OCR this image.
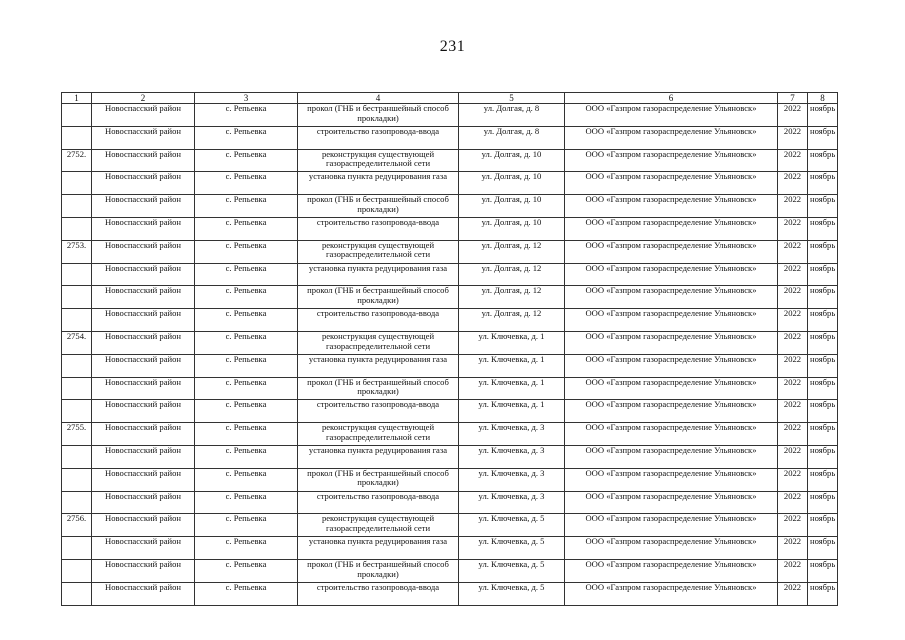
231
1	2	3	4	5	6	7	8
	Новоспасский район	с. Репьевка	прокол (ГНБ и бестраншейный способ прокладки)	ул. Долгая, д. 8	ООО «Газпром газораспределение Ульяновск»	2022	ноябрь
	Новоспасский район	с. Репьевка	строительство газопровода-ввода	ул. Долгая, д. 8	ООО «Газпром газораспределение Ульяновск»	2022	ноябрь
2752.	Новоспасский район	с. Репьевка	реконструкция существующей газораспределительной сети	ул. Долгая, д. 10	ООО «Газпром газораспределение Ульяновск»	2022	ноябрь
	Новоспасский район	с. Репьевка	установка пункта редуцирования газа	ул. Долгая, д. 10	ООО «Газпром газораспределение Ульяновск»	2022	ноябрь
	Новоспасский район	с. Репьевка	прокол (ГНБ и бестраншейный способ прокладки)	ул. Долгая, д. 10	ООО «Газпром газораспределение Ульяновск»	2022	ноябрь
	Новоспасский район	с. Репьевка	строительство газопровода-ввода	ул. Долгая, д. 10	ООО «Газпром газораспределение Ульяновск»	2022	ноябрь
2753.	Новоспасский район	с. Репьевка	реконструкция существующей газораспределительной сети	ул. Долгая, д. 12	ООО «Газпром газораспределение Ульяновск»	2022	ноябрь
	Новоспасский район	с. Репьевка	установка пункта редуцирования газа	ул. Долгая, д. 12	ООО «Газпром газораспределение Ульяновск»	2022	ноябрь
	Новоспасский район	с. Репьевка	прокол (ГНБ и бестраншейный способ прокладки)	ул. Долгая, д. 12	ООО «Газпром газораспределение Ульяновск»	2022	ноябрь
	Новоспасский район	с. Репьевка	строительство газопровода-ввода	ул. Долгая, д. 12	ООО «Газпром газораспределение Ульяновск»	2022	ноябрь
2754.	Новоспасский район	с. Репьевка	реконструкция существующей газораспределительной сети	ул. Ключевка, д. 1	ООО «Газпром газораспределение Ульяновск»	2022	ноябрь
	Новоспасский район	с. Репьевка	установка пункта редуцирования газа	ул. Ключевка, д. 1	ООО «Газпром газораспределение Ульяновск»	2022	ноябрь
	Новоспасский район	с. Репьевка	прокол (ГНБ и бестраншейный способ прокладки)	ул. Ключевка, д. 1	ООО «Газпром газораспределение Ульяновск»	2022	ноябрь
	Новоспасский район	с. Репьевка	строительство газопровода-ввода	ул. Ключевка, д. 1	ООО «Газпром газораспределение Ульяновск»	2022	ноябрь
2755.	Новоспасский район	с. Репьевка	реконструкция существующей газораспределительной сети	ул. Ключевка, д. 3	ООО «Газпром газораспределение Ульяновск»	2022	ноябрь
	Новоспасский район	с. Репьевка	установка пункта редуцирования газа	ул. Ключевка, д. 3	ООО «Газпром газораспределение Ульяновск»	2022	ноябрь
	Новоспасский район	с. Репьевка	прокол (ГНБ и бестраншейный способ прокладки)	ул. Ключевка, д. 3	ООО «Газпром газораспределение Ульяновск»	2022	ноябрь
	Новоспасский район	с. Репьевка	строительство газопровода-ввода	ул. Ключевка, д. 3	ООО «Газпром газораспределение Ульяновск»	2022	ноябрь
2756.	Новоспасский район	с. Репьевка	реконструкция существующей газораспределительной сети	ул. Ключевка, д. 5	ООО «Газпром газораспределение Ульяновск»	2022	ноябрь
	Новоспасский район	с. Репьевка	установка пункта редуцирования газа	ул. Ключевка, д. 5	ООО «Газпром газораспределение Ульяновск»	2022	ноябрь
	Новоспасский район	с. Репьевка	прокол (ГНБ и бестраншейный способ прокладки)	ул. Ключевка, д. 5	ООО «Газпром газораспределение Ульяновск»	2022	ноябрь
	Новоспасский район	с. Репьевка	строительство газопровода-ввода	ул. Ключевка, д. 5	ООО «Газпром газораспределение Ульяновск»	2022	ноябрь
